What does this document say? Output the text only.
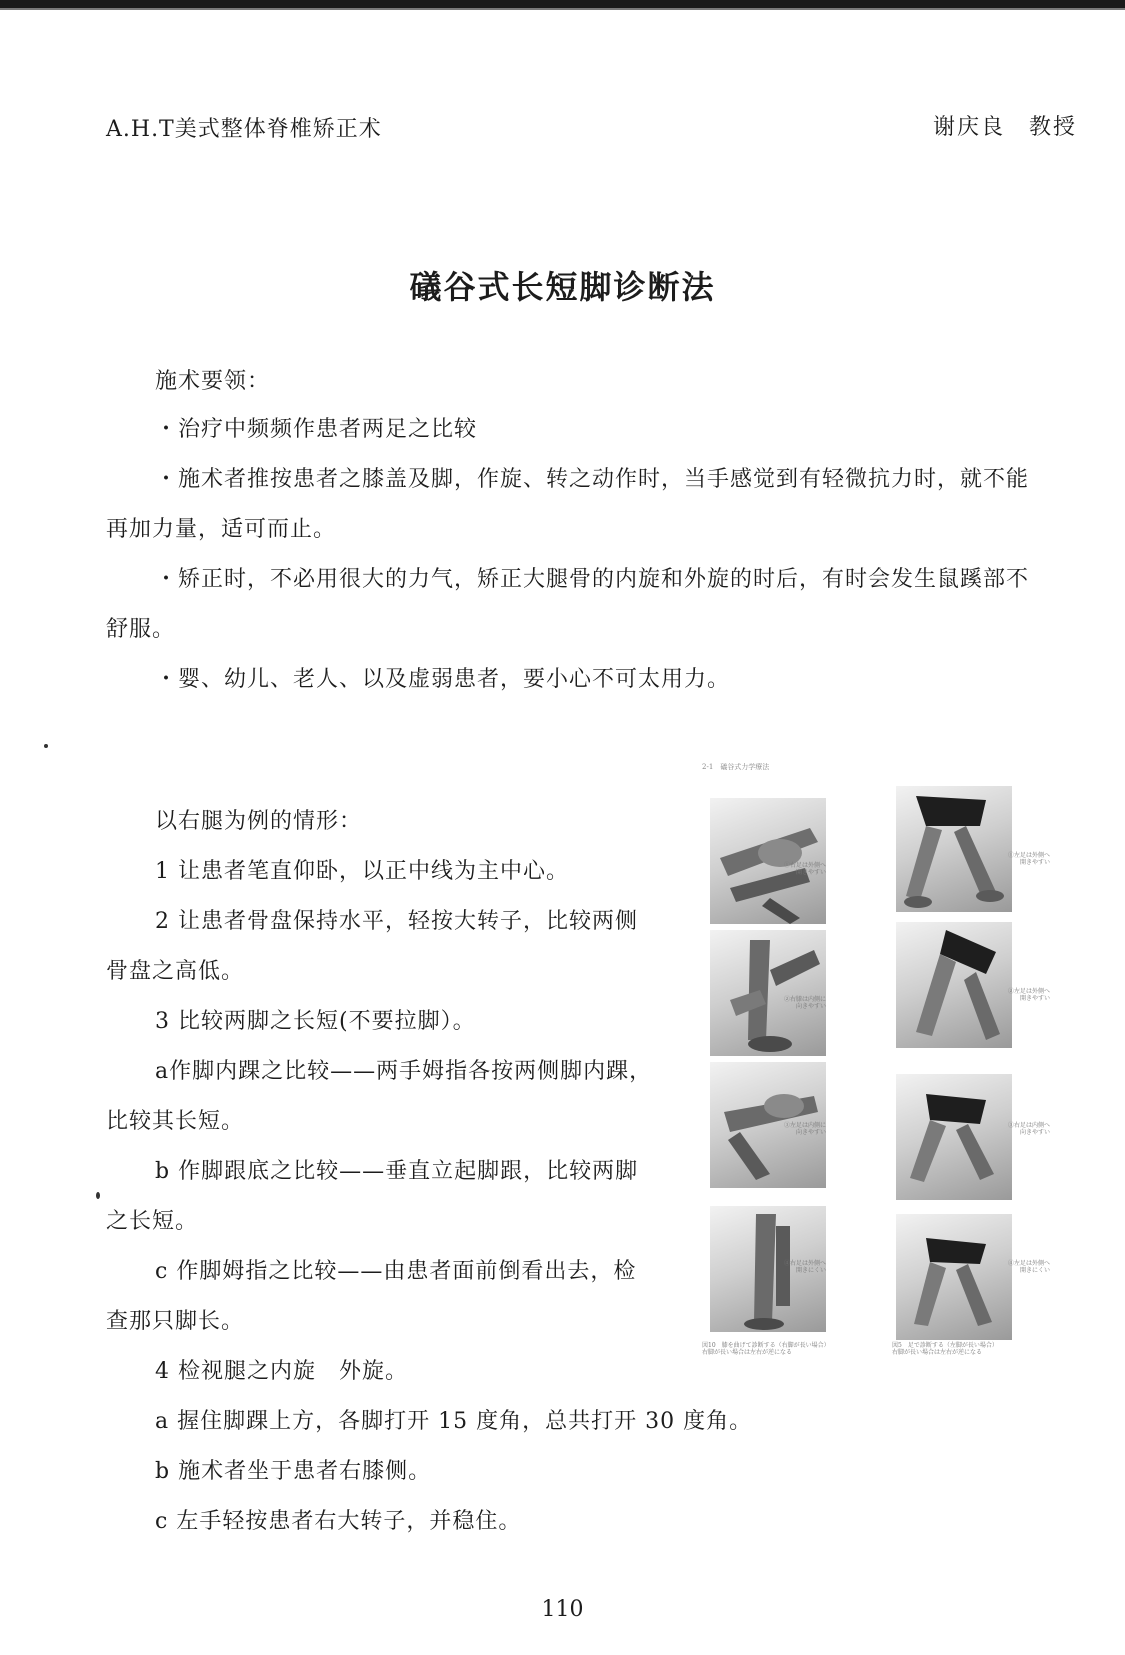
A.H.T美式整体脊椎矫正术	谢庆良　教授
礒谷式长短脚诊断法
施术要领：
・治疗中频频作患者两足之比较
・施术者推按患者之膝盖及脚，作旋、转之动作时，当手感觉到有轻微抗力时，就不能
再加力量，适可而止。
・矫正时，不必用很大的力气，矫正大腿骨的内旋和外旋的时后，有时会发生鼠蹊部不
舒服。
・婴、幼儿、老人、以及虚弱患者，要小心不可太用力。
以右腿为例的情形：
1 让患者笔直仰卧，以正中线为主中心。
2 让患者骨盘保持水平，轻按大转子，比较两侧
骨盘之高低。
3 比较两脚之长短(不要拉脚）。
a作脚内踝之比较——两手姆指各按两侧脚内踝，
比较其长短。
b 作脚跟底之比较——垂直立起脚跟，比较两脚
之长短。
c 作脚姆指之比较——由患者面前倒看出去，检
查那只脚长。
4 检视腿之内旋　外旋。
a 握住脚踝上方，各脚打开 15 度角，总共打开 30 度角。
b 施术者坐于患者右膝侧。
c 左手轻按患者右大转子，并稳住。
2-1　礒谷式力学療法
①右足は外側へ
開きやすい
①左足は外側へ
開きやすい
②右膝は内側に
向きやすい
②左足は外側へ
開きやすい
③左足は内側に
向きやすい
③右足は内側へ
向きやすい
④右足は外側へ
開きにくい
④左足は外側へ
開きにくい
図10　膝を曲げて診断する（右脚が長い場合）
右脚が長い場合は左右が逆になる
図5　足で診断する（左脚が長い場合）
右脚が長い場合は左右が逆になる
110
